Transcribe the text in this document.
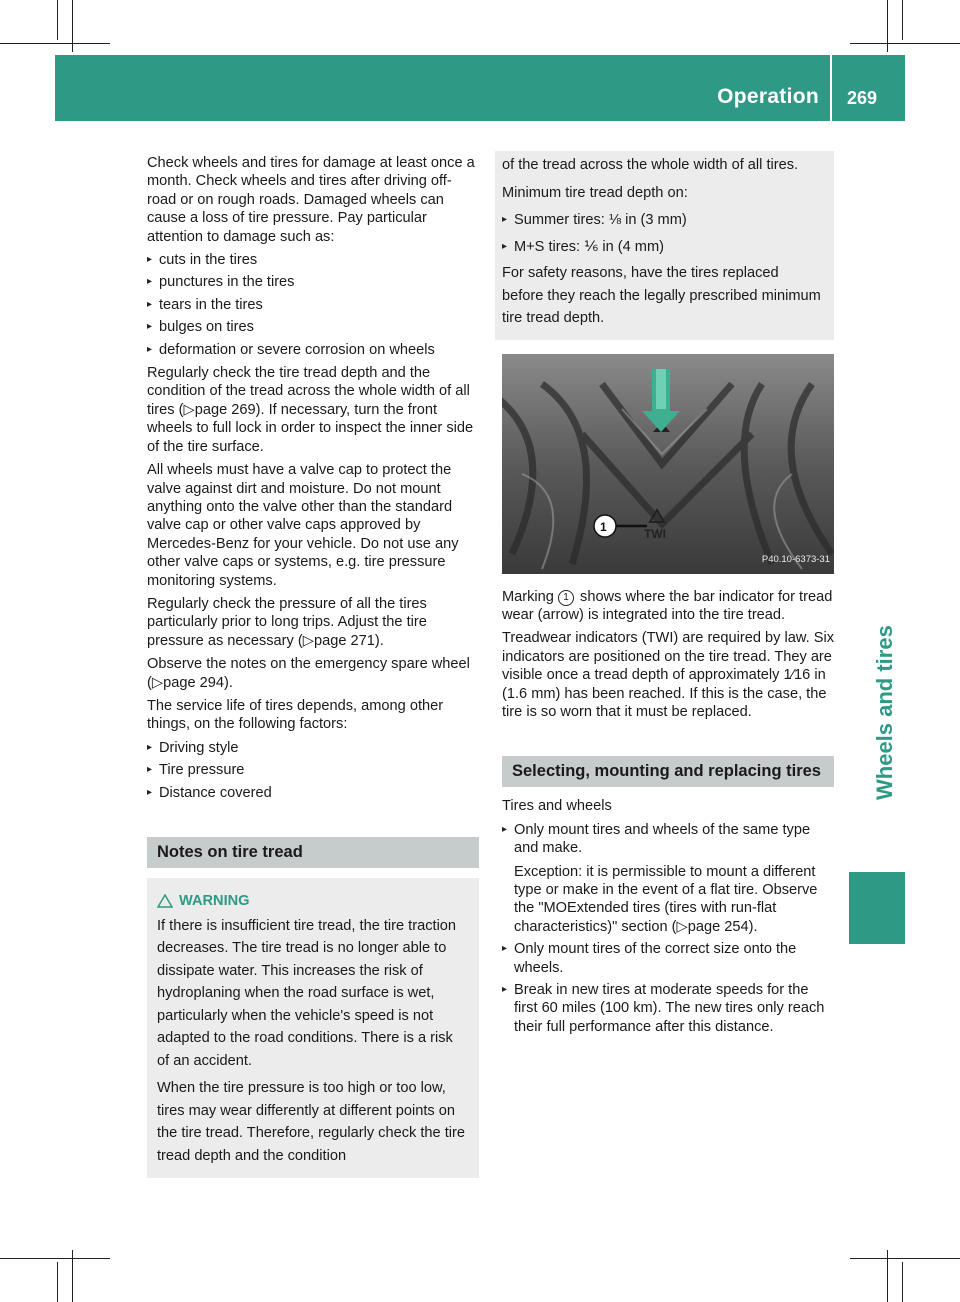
Operation 269
Wheels and tires

Check wheels and tires for damage at least once a month. Check wheels and tires after driving off-road or on rough roads. Damaged wheels can cause a loss of tire pressure. Pay particular attention to damage such as:

▸ cuts in the tires
▸ punctures in the tires
▸ tears in the tires
▸ bulges on tires
▸ deformation or severe corrosion on wheels

Regularly check the tire tread depth and the condition of the tread across the whole width of all tires (▷page 269). If necessary, turn the front wheels to full lock in order to inspect the inner side of the tire surface.

All wheels must have a valve cap to protect the valve against dirt and moisture. Do not mount anything onto the valve other than the standard valve cap or other valve caps approved by Mercedes-Benz for your vehicle. Do not use any other valve caps or systems, e.g. tire pressure monitoring systems.

Regularly check the pressure of all the tires particularly prior to long trips. Adjust the tire pressure as necessary (▷page 271).

Observe the notes on the emergency spare wheel (▷page 294).

The service life of tires depends, among other things, on the following factors:

▸ Driving style
▸ Tire pressure
▸ Distance covered
Notes on tire tread
WARNING

If there is insufficient tire tread, the tire traction decreases. The tire tread is no longer able to dissipate water. This increases the risk of hydroplaning when the road surface is wet, particularly when the vehicle's speed is not adapted to the road conditions. There is a risk of an accident.

When the tire pressure is too high or too low, tires may wear differently at different points on the tire tread. Therefore, regularly check the tire tread depth and the condition

of the tread across the whole width of all tires.

Minimum tire tread depth on:

▸ Summer tires: ⅛ in (3 mm)
▸ M+S tires: ⅙ in (4 mm)

For safety reasons, have the tires replaced before they reach the legally prescribed minimum tire tread depth.

1	TWI
P40.10-6373-31

Marking 1 shows where the bar indicator for tread wear (arrow) is integrated into the tire tread.

Treadwear indicators (TWI) are required by law. Six indicators are positioned on the tire tread. They are visible once a tread depth of approximately 1⁄16 in (1.6 mm) has been reached. If this is the case, the tire is so worn that it must be replaced.

Selecting, mounting and replacing tires

Tires and wheels

▸ Only mount tires and wheels of the same type and make.
Exception: it is permissible to mount a different type or make in the event of a flat tire. Observe the "MOExtended tires (tires with run-flat characteristics)" section (▷page 254).
▸ Only mount tires of the correct size onto the wheels.
▸ Break in new tires at moderate speeds for the first 60 miles (100 km). The new tires only reach their full performance after this distance.
